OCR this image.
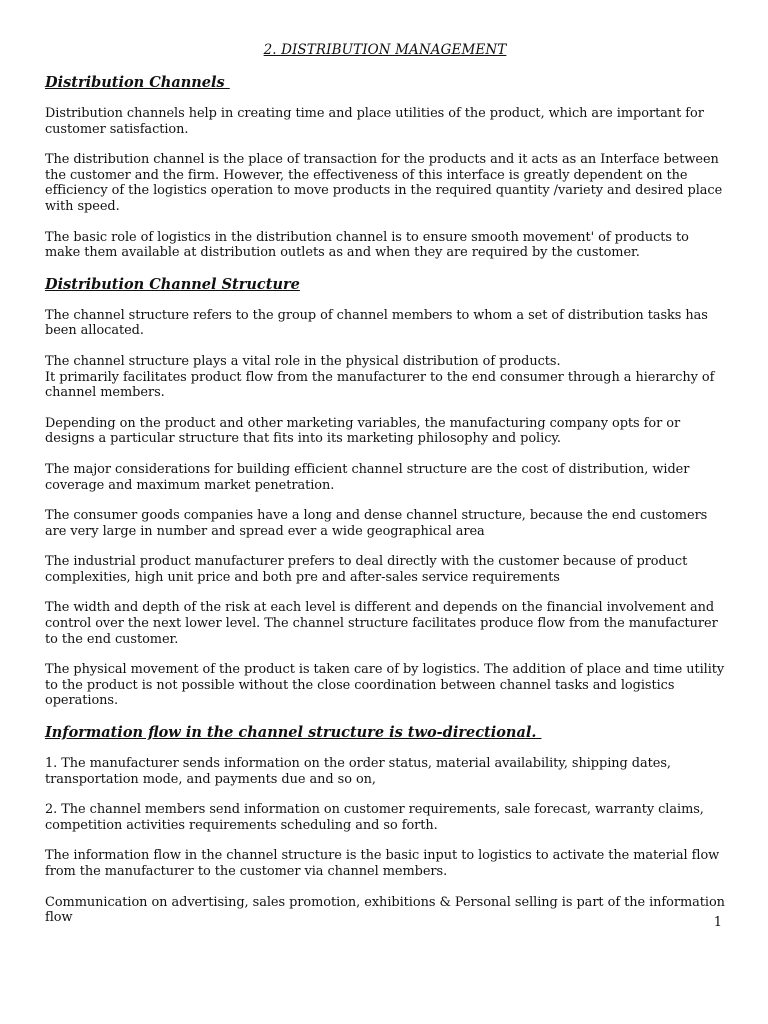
2. DISTRIBUTION MANAGEMENT
Distribution Channels

Distribution channels help in creating time and place utilities of the product, which are important for customer satisfaction.

The distribution channel is the place of transaction for the products and it acts as an Interface between the customer and the firm. However, the effectiveness of this interface is greatly dependent on the efficiency of the logistics operation to move products in the required quantity /variety and desired place with speed.

The basic role of logistics in the distribution channel is to ensure smooth movement' of products to make them available at distribution outlets as and when they are required by the customer.

Distribution Channel Structure

The channel structure refers to the group of channel members to whom a set of distribution tasks has been allocated.

The channel structure plays a vital role in the physical distribution of products.
It primarily facilitates product flow from the manufacturer to the end consumer through a hierarchy of channel members.

Depending on the product and other marketing variables, the manufacturing company opts for or designs a particular structure that fits into its marketing philosophy and policy.

The major considerations for building efficient channel structure are the cost of distribution, wider coverage and maximum market penetration.

The consumer goods companies have a long and dense channel structure, because the end customers are very large in number and spread ever a wide geographical area

The industrial product manufacturer prefers to deal directly with the customer because of product complexities, high unit price and both pre and after-sales service requirements

The width and depth of the risk at each level is different and depends on the financial involvement and control over the next lower level. The channel structure facilitates produce flow from the manufacturer to the end customer.

The physical movement of the product is taken care of by logistics. The addition of place and time utility to the product is not possible without the close coordination between channel tasks and logistics operations.

Information flow in the channel structure is two-directional.

1. The manufacturer sends information on the order status, material availability, shipping dates, transportation mode, and payments due and so on,

2. The channel members send information on customer requirements, sale forecast, warranty claims, competition activities requirements scheduling and so forth.

The information flow in the channel structure is the basic input to logistics to activate the material flow from the manufacturer to the customer via channel members.

Communication on advertising, sales promotion, exhibitions & Personal selling is part of the information flow	1
